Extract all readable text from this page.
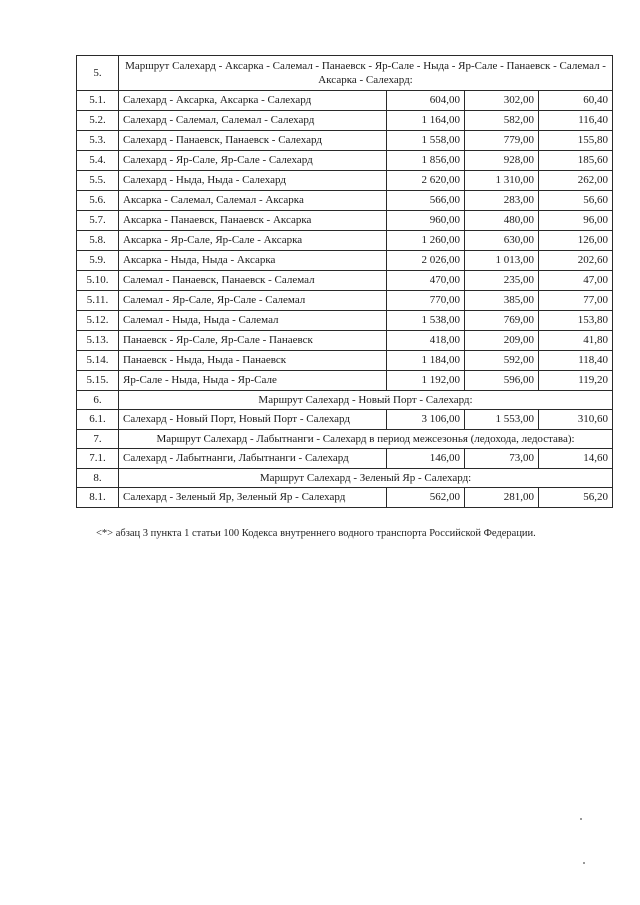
5.	Маршрут Салехард - Аксарка - Салемал - Панаевск - Яр-Сале - Ныда - Яр-Сале - Панаевск - Салемал - Аксарка - Салехард:			
5.1.	Салехард - Аксарка, Аксарка - Салехард	604,00	302,00	60,40
5.2.	Салехард - Салемал, Салемал - Салехард	1 164,00	582,00	116,40
5.3.	Салехард - Панаевск, Панаевск - Салехард	1 558,00	779,00	155,80
5.4.	Салехард - Яр-Сале, Яр-Сале - Салехард	1 856,00	928,00	185,60
5.5.	Салехард - Ныда, Ныда - Салехард	2 620,00	1 310,00	262,00
5.6.	Аксарка - Салемал, Салемал - Аксарка	566,00	283,00	56,60
5.7.	Аксарка - Панаевск, Панаевск - Аксарка	960,00	480,00	96,00
5.8.	Аксарка - Яр-Сале, Яр-Сале - Аксарка	1 260,00	630,00	126,00
5.9.	Аксарка - Ныда, Ныда - Аксарка	2 026,00	1 013,00	202,60
5.10.	Салемал - Панаевск, Панаевск - Салемал	470,00	235,00	47,00
5.11.	Салемал - Яр-Сале, Яр-Сале - Салемал	770,00	385,00	77,00
5.12.	Салемал - Ныда, Ныда - Салемал	1 538,00	769,00	153,80
5.13.	Панаевск - Яр-Сале, Яр-Сале - Панаевск	418,00	209,00	41,80
5.14.	Панаевск - Ныда, Ныда - Панаевск	1 184,00	592,00	118,40
5.15.	Яр-Сале - Ныда, Ныда - Яр-Сале	1 192,00	596,00	119,20
6.	Маршрут Салехард - Новый Порт - Салехард:			
6.1.	Салехард - Новый Порт, Новый Порт - Салехард	3 106,00	1 553,00	310,60
7.	Маршрут Салехард - Лабытнанги - Салехард в период межсезонья (ледохода, ледостава):			
7.1.	Салехард - Лабытнанги, Лабытнанги - Салехард	146,00	73,00	14,60
8.	Маршрут Салехард - Зеленый Яр - Салехард:			
8.1.	Салехард - Зеленый Яр, Зеленый Яр - Салехард	562,00	281,00	56,20
<*> абзац 3 пункта 1 статьи 100 Кодекса внутреннего водного транспорта Российской Федерации.
